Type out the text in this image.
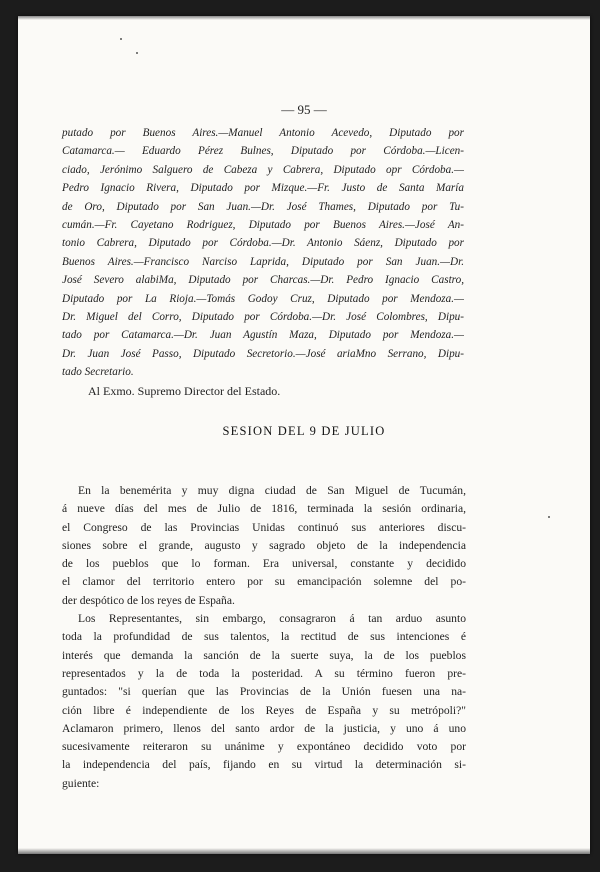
— 95 —
putado por Buenos Aires.—Manuel Antonio Acevedo, Diputado por
Catamarca.— Eduardo Pérez Bulnes, Diputado por Córdoba.—Licen-
ciado, Jerónimo Salguero de Cabeza y Cabrera, Diputado opr Córdoba.—
Pedro Ignacio Rivera, Diputado por Mizque.—Fr. Justo de Santa María
de Oro, Diputado por San Juan.—Dr. José Thames, Diputado por Tu-
cumán.—Fr. Cayetano Rodriguez, Diputado por Buenos Aires.—José An-
tonio Cabrera, Diputado por Córdoba.—Dr. Antonio Sáenz, Diputado por
Buenos Aires.—Francisco Narciso Laprida, Diputado por San Juan.—Dr.
José Severo alabiMa, Diputado por Charcas.—Dr. Pedro Ignacio Castro,
Diputado por La Rioja.—Tomás Godoy Cruz, Diputado por Mendoza.—
Dr. Miguel del Corro, Diputado por Córdoba.—Dr. José Colombres, Dipu-
tado por Catamarca.—Dr. Juan Agustín Maza, Diputado por Mendoza.—
Dr. Juan José Passo, Diputado Secretorio.—José ariaMno Serrano, Dipu-
tado Secretario.
Al Exmo. Supremo Director del Estado.
SESION DEL 9 DE JULIO
En la benemérita y muy digna ciudad de San Miguel de Tucumán,
á nueve días del mes de Julio de 1816, terminada la sesión ordinaria,
el Congreso de las Provincias Unidas continuó sus anteriores discu-
siones sobre el grande, augusto y sagrado objeto de la independencia
de los pueblos que lo forman. Era universal, constante y decidido
el clamor del territorio entero por su emancipación solemne del po-
der despótico de los reyes de España.
Los Representantes, sin embargo, consagraron á tan arduo asunto
toda la profundidad de sus talentos, la rectitud de sus intenciones é
interés que demanda la sanción de la suerte suya, la de los pueblos
representados y la de toda la posteridad. A su término fueron pre-
guntados: "si querían que las Provincias de la Unión fuesen una na-
ción libre é independiente de los Reyes de España y su metrópoli?"
Aclamaron primero, llenos del santo ardor de la justicia, y uno á uno
sucesivamente reiteraron su unánime y expontáneo decidido voto por
la independencia del país, fijando en su virtud la determinación si-
guiente:
